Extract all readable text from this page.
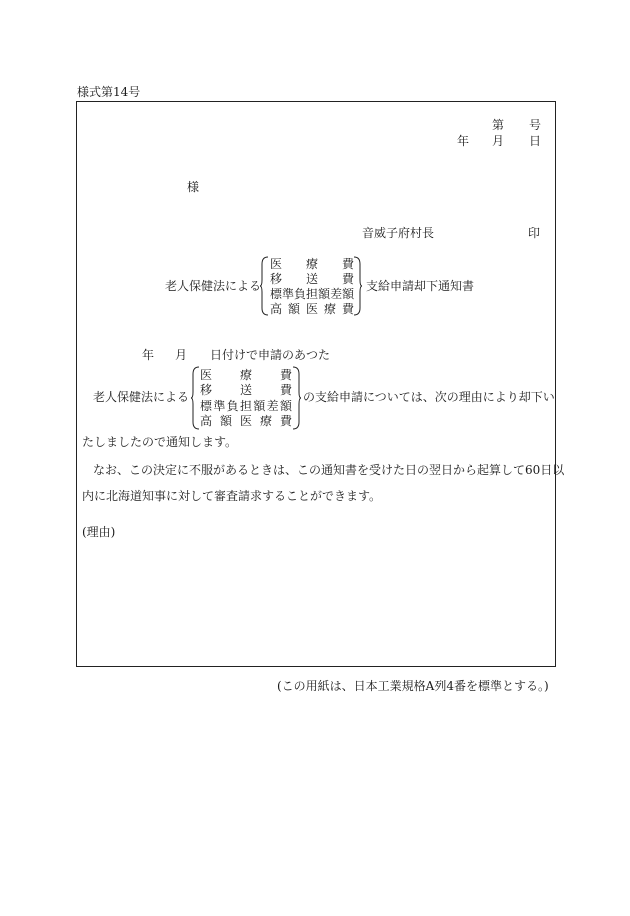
様式第14号
第 号
年 月 日
様
音威子府村長	印
老人保健法による
医 療 費
移 送 費
標 準 負 担 額 差 額
高 額 医 療 費
支給申請却下通知書
年 月 日付けで申請のあつた
老人保健法による
医 療 費
移 送 費
標 準 負 担 額 差 額
高 額 医 療 費
の支給申請については、次の理由により却下い
たしましたので通知します。
なお、この決定に不服があるときは、この通知書を受けた日の翌日から起算して60日以
内に北海道知事に対して審査請求することができます。
(理由)
(この用紙は、日本工業規格A列4番を標準とする。)
